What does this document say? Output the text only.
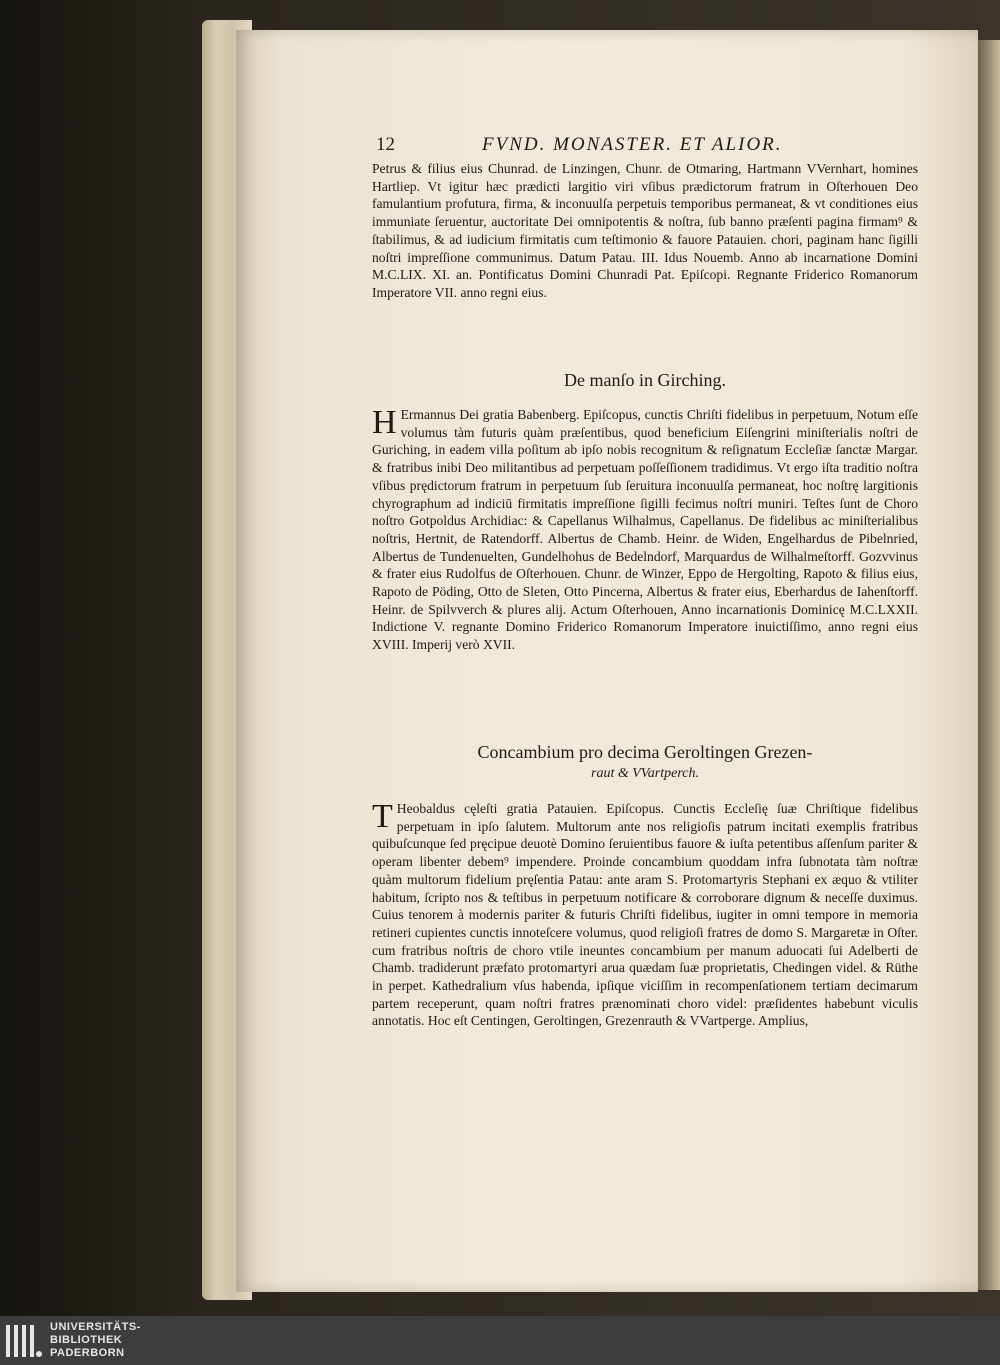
12	FVND. MONASTER. ET ALIOR.
Petrus & filius eius Chunrad. de Linzingen, Chunr. de Otmaring, Hartmann VVernhart, homines Hartliep. Vt igitur hæc prædicti largitio viri vſibus prædictorum fratrum in Oſterhouen Deo famulantium profutura, firma, & inconuulſa perpetuis temporibus permaneat, & vt conditiones eius immuniate ſeruentur, auctoritate Dei omnipotentis & noſtra, ſub banno præſenti pagina firmam⁹ & ſtabilimus, & ad iudicium firmitatis cum teſtimonio & fauore Patauien. chori, paginam hanc ſigilli noſtri impreſſione communimus. Datum Patau. III. Idus Nouemb. Anno ab incarnatione Domini M.C.LIX. XI. an. Pontificatus Domini Chunradi Pat. Epiſcopi. Regnante Friderico Romanorum Imperatore VII. anno regni eius.
De manſo in Girching.
H Ermannus Dei gratia Babenberg. Epiſcopus, cunctis Chriſti fidelibus in perpetuum, Notum eſſe volumus tàm futuris quàm præſentibus, quod beneficium Eiſengrini miniſterialis noſtri de Guriching, in eadem villa poſitum ab ipſo nobis recognitum & reſignatum Eccleſiæ ſanctæ Margar. & fratribus inibi Deo militantibus ad perpetuam poſſeſſionem tradidimus. Vt ergo iſta traditio noſtra vſibus prędictorum fratrum in perpetuum ſub ſeruitura inconuulſa permaneat, hoc noſtrę largitionis chyrographum ad indiciū firmitatis impreſſione ſigilli fecimus noſtri muniri. Teſtes ſunt de Choro noſtro Gotpoldus Archidiac: & Capellanus Wilhalmus, Capellanus. De fidelibus ac miniſterialibus noſtris, Hertnit, de Ratendorff. Albertus de Chamb. Heinr. de Widen, Engelhardus de Pibelnried, Albertus de Tundenuelten, Gundelhohus de Bedelndorf, Marquardus de Wilhalmeſtorff. Gozvvinus & frater eius Rudolfus de Oſterhouen. Chunr. de Winzer, Eppo de Hergolting, Rapoto & filius eius, Rapoto de Pöding, Otto de Sleten, Otto Pincerna, Albertus & frater eius, Eberhardus de Iahenſtorff. Heinr. de Spilvverch & plures alij. Actum Oſterhouen, Anno incarnationis Dominicę M.C.LXXII. Indictione V. regnante Domino Friderico Romanorum Imperatore inuictiſſimo, anno regni eius XVIII. Imperij verò XVII.
Concambium pro decima Geroltingen Grezen-
raut & VVartperch.
T Heobaldus cęleſti gratia Patauien. Epiſcopus. Cunctis Eccleſię ſuæ Chriſtique fidelibus perpetuam in ipſo ſalutem. Multorum ante nos religioſis patrum incitati exemplis fratribus quibuſcunque ſed pręcipue deuotè Domino ſeruientibus fauore & iuſta petentibus aſſenſum pariter & operam libenter debem⁹ impendere. Proinde concambium quoddam infra ſubnotata tàm noſtræ quàm multorum fidelium pręſentia Patau: ante aram S. Protomartyris Stephani ex æquo & vtiliter habitum, ſcripto nos & teſtibus in perpetuum notificare & corroborare dignum & neceſſe duximus. Cuius tenorem à modernis pariter & futuris Chriſti fidelibus, iugiter in omni tempore in memoria retineri cupientes cunctis innoteſcere volumus, quod religioſi fratres de domo S. Margaretæ in Oſter. cum fratribus noſtris de choro vtile ineuntes concambium per manum aduocati ſui Adelberti de Chamb. tradiderunt præfato protomartyri arua quædam ſuæ proprietatis, Chedingen videl. & Rüthe in perpet. Kathedralium vſus habenda, ipſique viciſſim in recompenſationem tertiam decimarum partem receperunt, quam noſtri fratres prænominati choro videl: præſidentes habebunt viculis annotatis. Hoc eſt Centingen, Geroltingen, Grezenrauth & VVartperge. Amplius,
UNIVERSITÄTS-
BIBLIOTHEK
PADERBORN
